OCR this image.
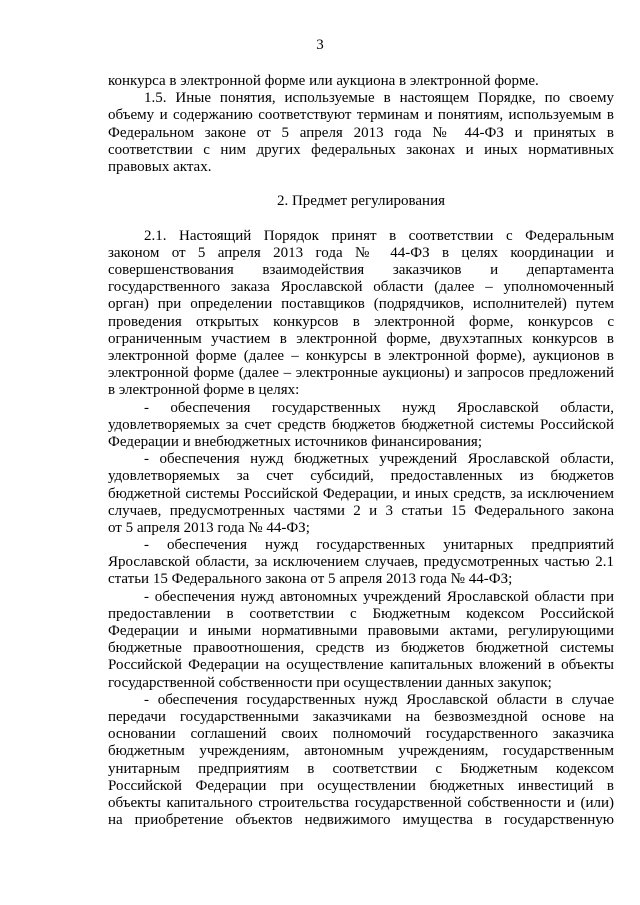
3
конкурса в электронной форме или аукциона в электронной форме.
1.5. Иные понятия, используемые в настоящем Порядке, по своему
объему и содержанию соответствуют терминам и понятиям, используемым в
Федеральном законе от 5 апреля 2013 года № 44-ФЗ и принятых в
соответствии с ним других федеральных законах и иных нормативных
правовых актах.
2. Предмет регулирования
2.1. Настоящий Порядок принят в соответствии с Федеральным
законом от 5 апреля 2013 года № 44-ФЗ в целях координации и
совершенствования взаимодействия заказчиков и департамента
государственного заказа Ярославской области (далее – уполномоченный
орган) при определении поставщиков (подрядчиков, исполнителей) путем
проведения открытых конкурсов в электронной форме, конкурсов с
ограниченным участием в электронной форме, двухэтапных конкурсов в
электронной форме (далее – конкурсы в электронной форме), аукционов в
электронной форме (далее – электронные аукционы) и запросов предложений
в электронной форме в целях:
- обеспечения государственных нужд Ярославской области,
удовлетворяемых за счет средств бюджетов бюджетной системы Российской
Федерации и внебюджетных источников финансирования;
- обеспечения нужд бюджетных учреждений Ярославской области,
удовлетворяемых за счет субсидий, предоставленных из бюджетов
бюджетной системы Российской Федерации, и иных средств, за исключением
случаев, предусмотренных частями 2 и 3 статьи 15 Федерального закона
от 5 апреля 2013 года № 44-ФЗ;
- обеспечения нужд государственных унитарных предприятий
Ярославской области, за исключением случаев, предусмотренных частью 2.1
статьи 15 Федерального закона от 5 апреля 2013 года № 44-ФЗ;
- обеспечения нужд автономных учреждений Ярославской области при
предоставлении в соответствии с Бюджетным кодексом Российской
Федерации и иными нормативными правовыми актами, регулирующими
бюджетные правоотношения, средств из бюджетов бюджетной системы
Российской Федерации на осуществление капитальных вложений в объекты
государственной собственности при осуществлении данных закупок;
- обеспечения государственных нужд Ярославской области в случае
передачи государственными заказчиками на безвозмездной основе на
основании соглашений своих полномочий государственного заказчика
бюджетным учреждениям, автономным учреждениям, государственным
унитарным предприятиям в соответствии с Бюджетным кодексом
Российской Федерации при осуществлении бюджетных инвестиций в
объекты капитального строительства государственной собственности и (или)
на приобретение объектов недвижимого имущества в государственную
